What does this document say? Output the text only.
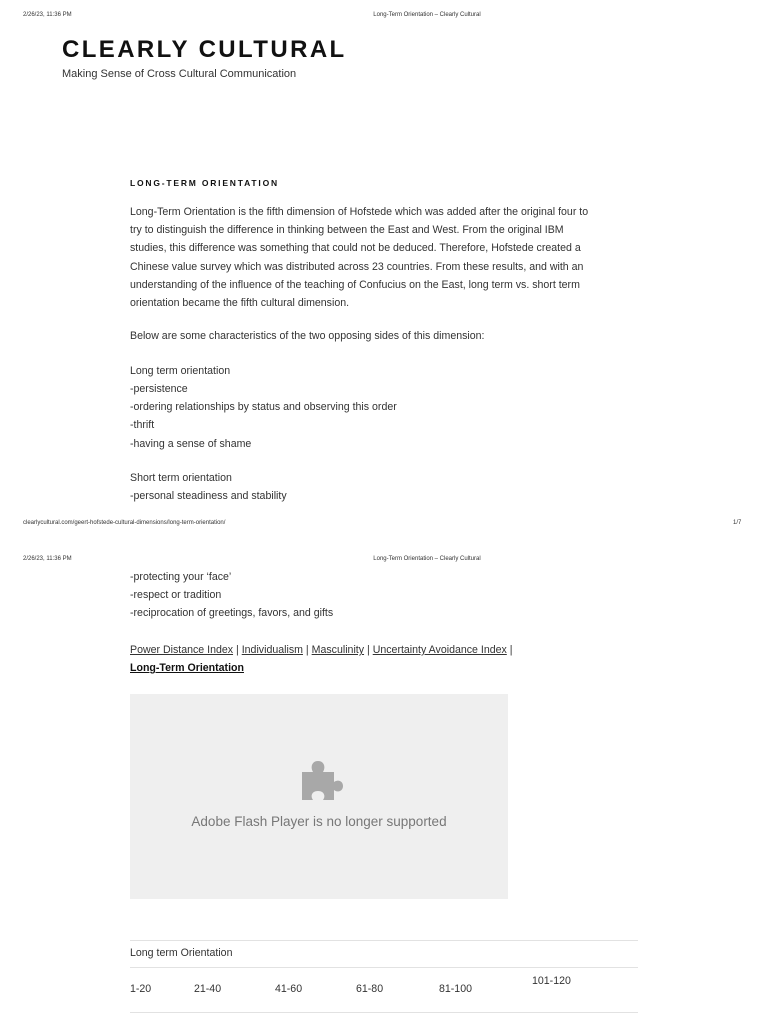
2/26/23, 11:36 PM	Long-Term Orientation – Clearly Cultural
CLEARLY CULTURAL
Making Sense of Cross Cultural Communication
LONG-TERM ORIENTATION
Long-Term Orientation is the fifth dimension of Hofstede which was added after the original four to
try to distinguish the difference in thinking between the East and West. From the original IBM
studies, this difference was something that could not be deduced. Therefore, Hofstede created a
Chinese value survey which was distributed across 23 countries. From these results, and with an
understanding of the influence of the teaching of Confucius on the East, long term vs. short term
orientation became the fifth cultural dimension.
Below are some characteristics of the two opposing sides of this dimension:
Long term orientation
-persistence
-ordering relationships by status and observing this order
-thrift
-having a sense of shame
Short term orientation
-personal steadiness and stability
clearlycultural.com/geert-hofstede-cultural-dimensions/long-term-orientation/	1/7
2/26/23, 11:36 PM	Long-Term Orientation – Clearly Cultural
-protecting your ‘face’
-respect or tradition
-reciprocation of greetings, favors, and gifts
Power Distance Index | Individualism | Masculinity | Uncertainty Avoidance Index |
Long-Term Orientation
Adobe Flash Player is no longer supported
Long term Orientation
1-20	21-40	41-60	61-80	81-100
101-120
